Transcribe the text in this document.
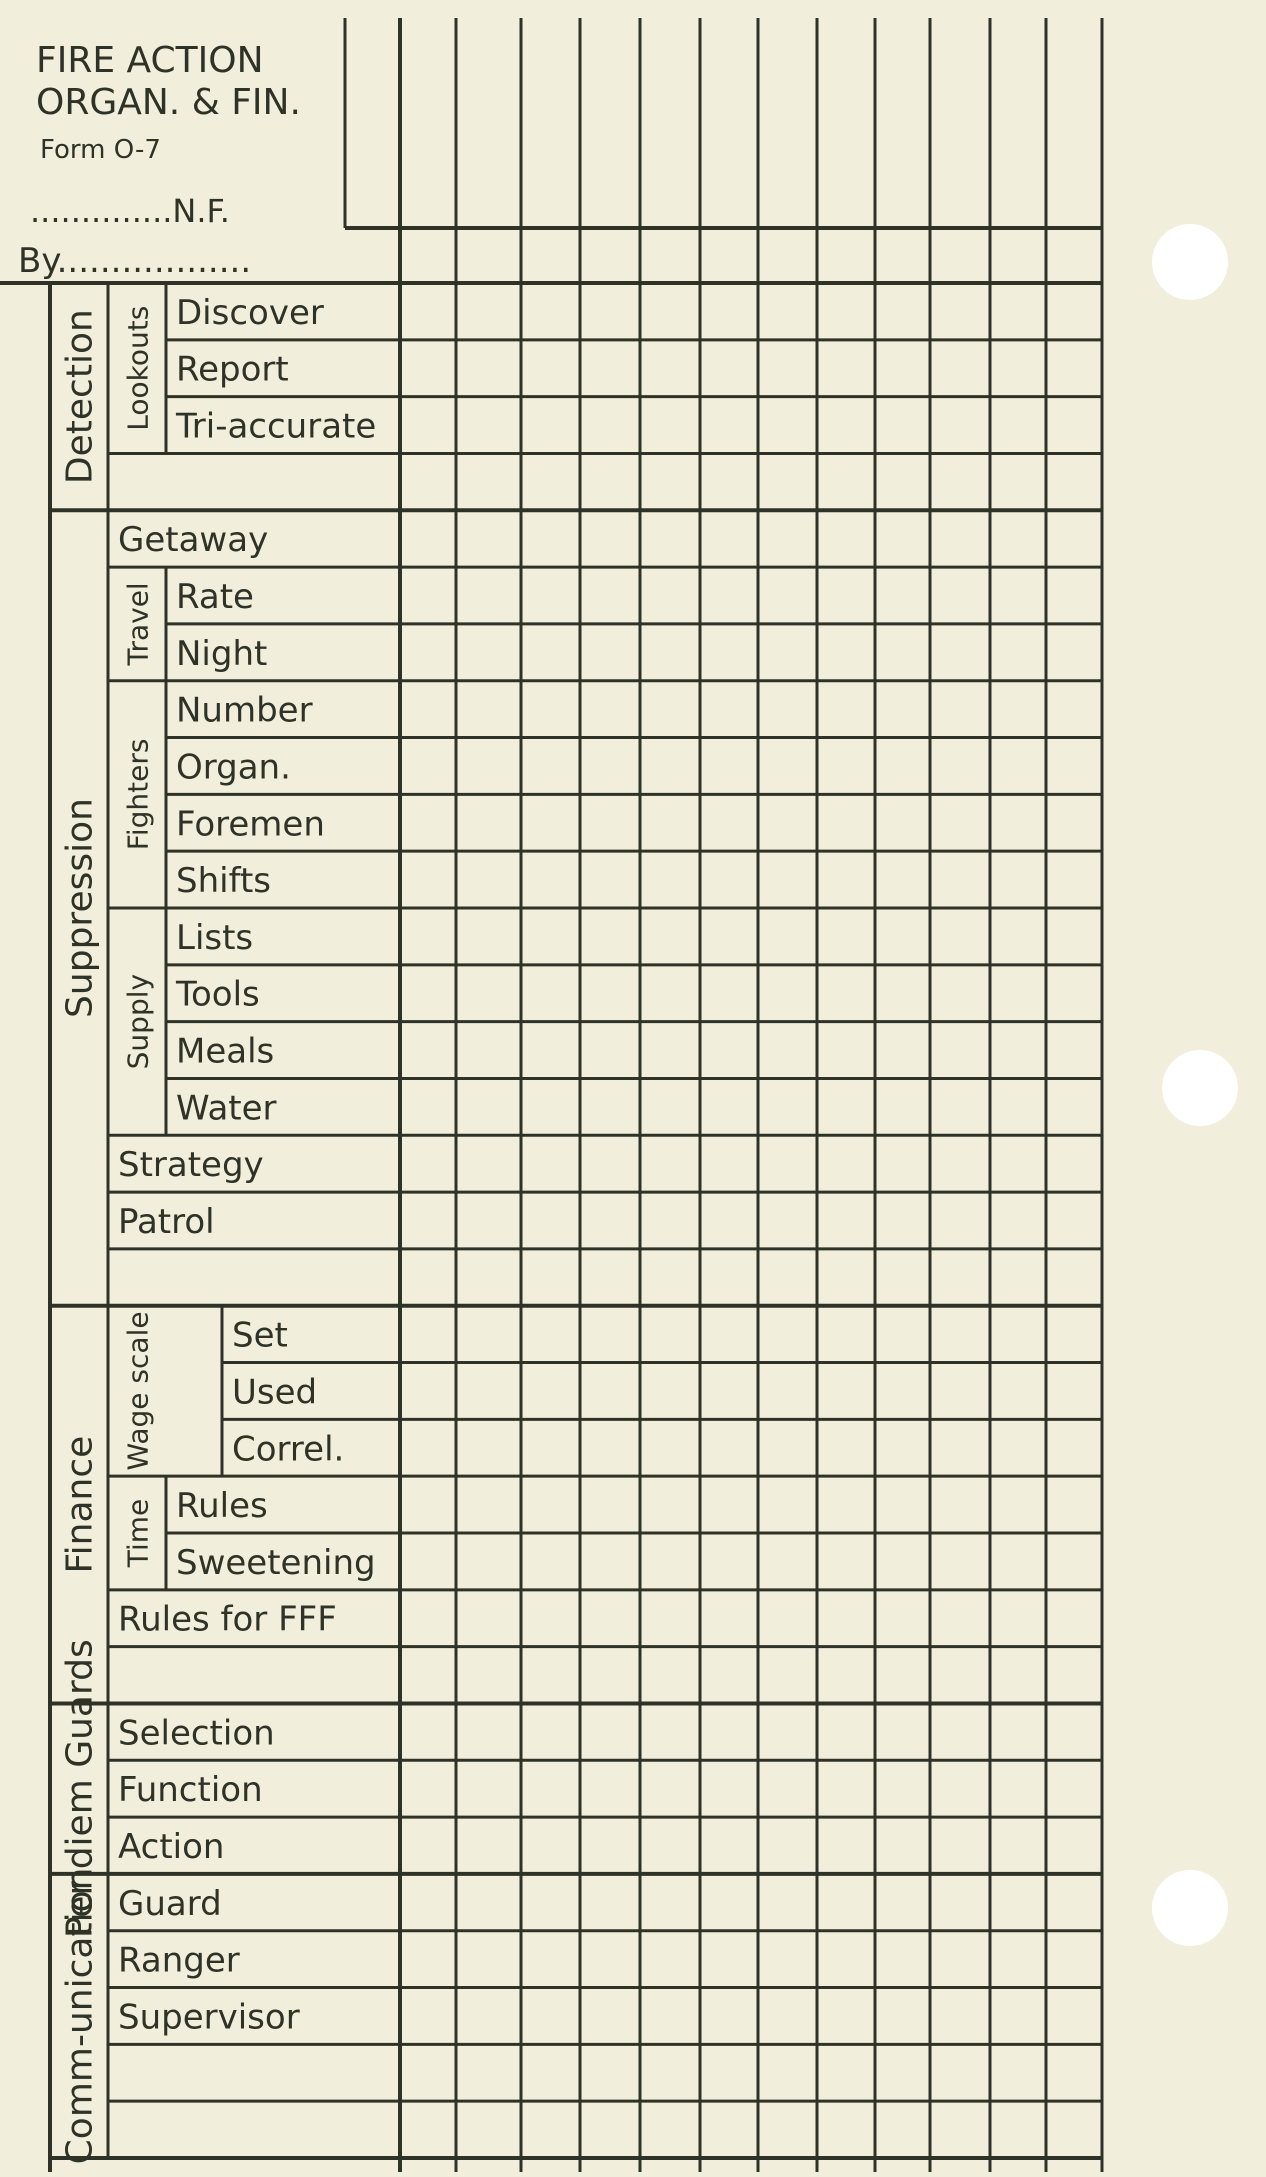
FIRE ACTION
ORGAN. & FIN.
Form O-7
..............N.F.
By..................
Discover
Report
Tri-accurate
Getaway
Rate
Night
Number
Organ.
Foremen
Shifts
Lists
Tools
Meals
Water
Strategy
Patrol
Set
Used
Correl.
Rules
Sweetening
Rules for FFF
Selection
Function
Action
Guard
Ranger
Supervisor
Lookouts
Travel
Fighters
Supply
Wage scale
Time
Detection
Suppression
Finance
Per diem Guards
Comm-unication
